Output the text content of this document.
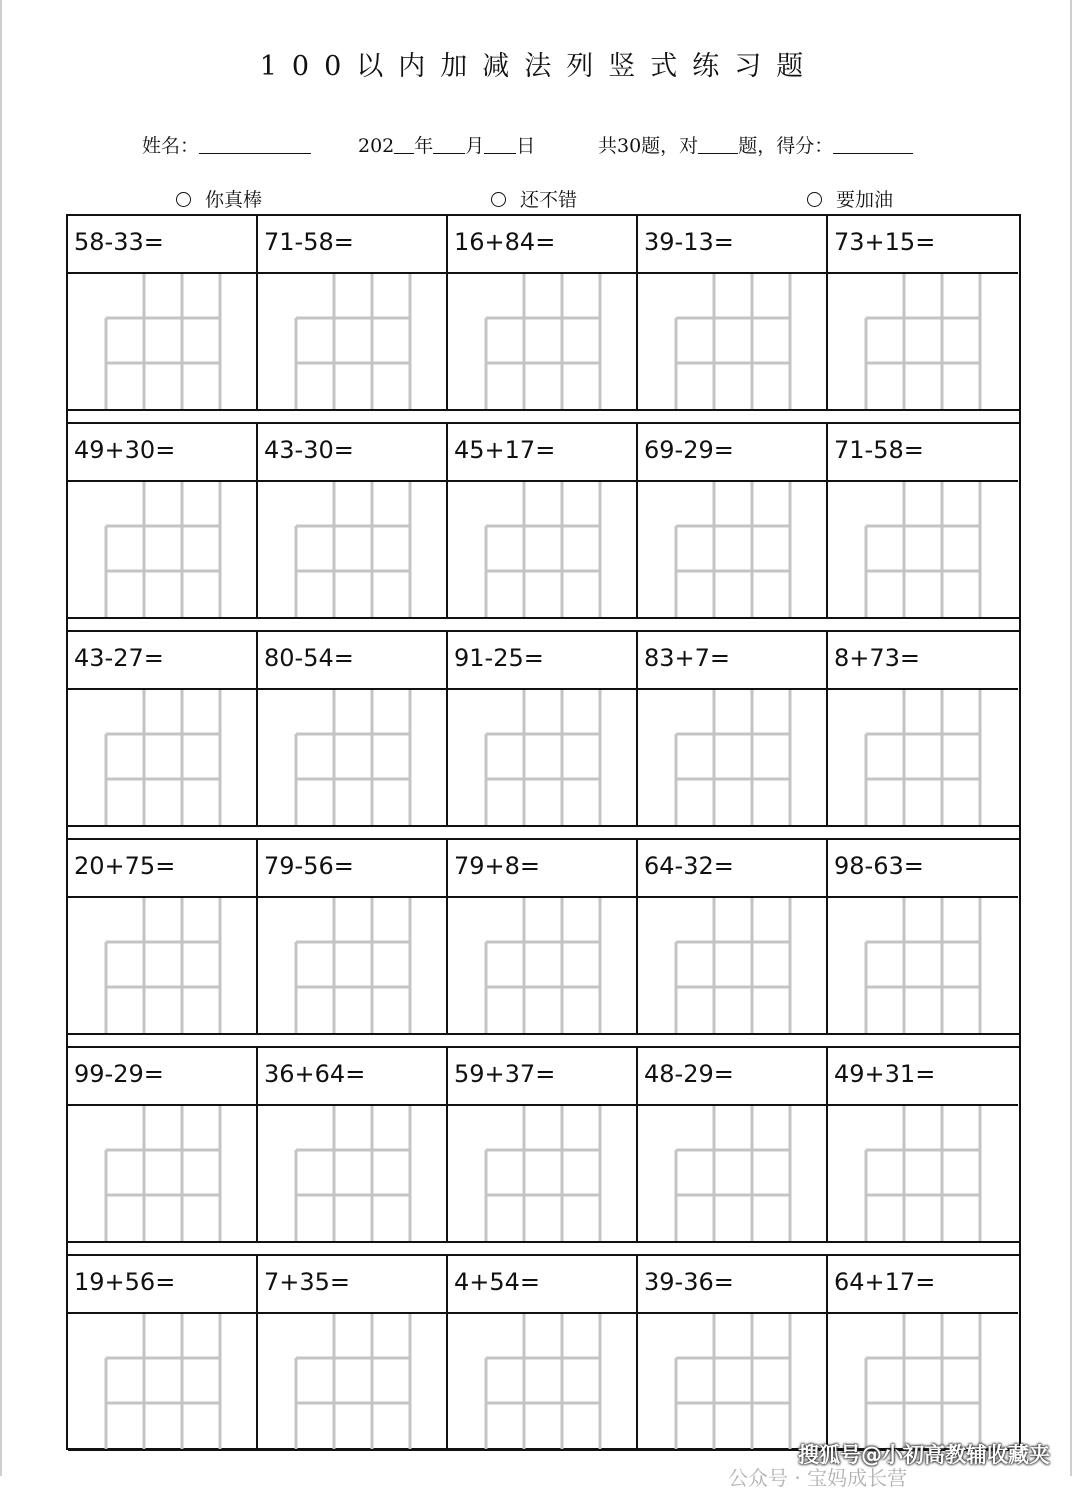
100以内加减法列竖式练习题
姓名：	202 年 月 日	共30题，对 题，得分：
你真棒	还不错	要加油
58-33=	71-58=	16+84=	39-13=	73+15=
49+30=	43-30=	45+17=	69-29=	71-58=
43-27=	80-54=	91-25=	83+7=	8+73=
20+75=	79-56=	79+8=	64-32=	98-63=
99-29=	36+64=	59+37=	48-29=	49+31=
19+56=	7+35=	4+54=	39-36=	64+17=
搜狐号@小初高教辅收藏夹
公众号 · 宝妈成长营
